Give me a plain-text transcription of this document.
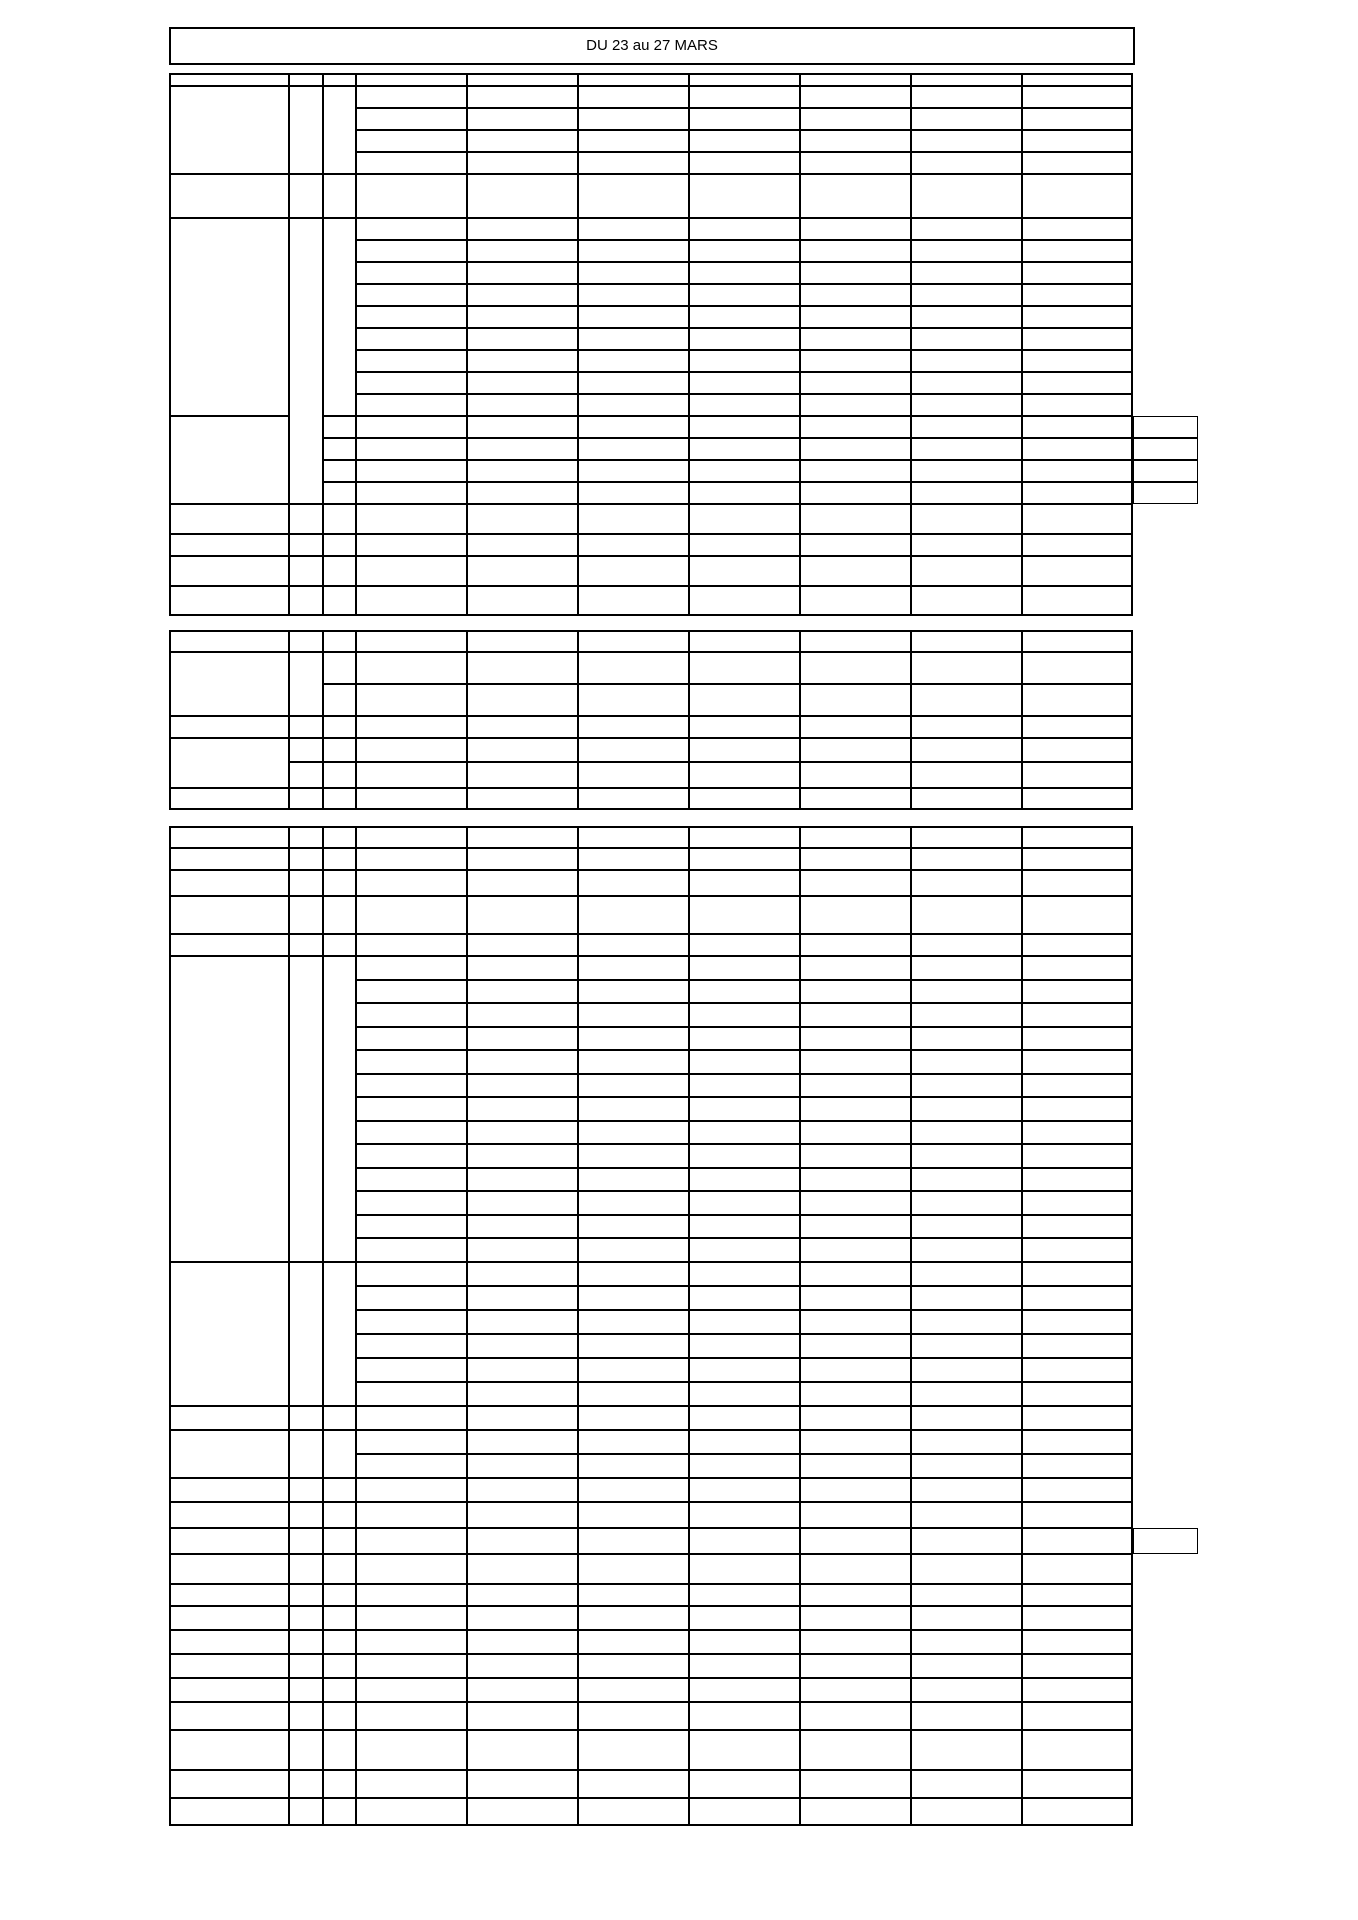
DU 23 au 27 MARS
